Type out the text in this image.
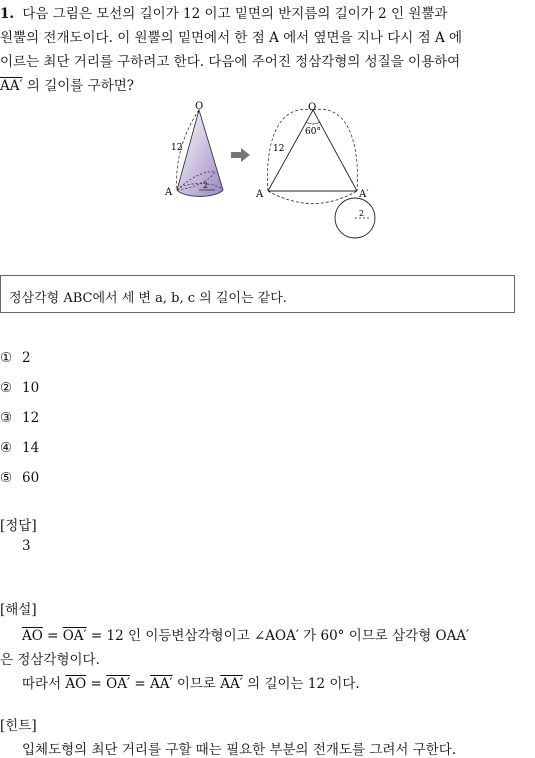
1. 다음 그림은 모선의 길이가 12 이고 밑면의 반지름의 길이가 2 인 원뿔과
원뿔의 전개도이다. 이 원뿔의 밑면에서 한 점 A 에서 옆면을 지나 다시 점 A 에
이르는 최단 거리를 구하려고 한다. 다음에 주어진 정삼각형의 성질을 이용하여
AA′ 의 길이를 구하면?
O
A
12
2
O
60°
12
A	A′
2
정삼각형 ABC에서 세 변 a, b, c 의 길이는 같다.
① 2
② 10
③ 12
④ 14
⑤ 60
[정답]
3
[해설]
$\overline{AO} = OA' = 12$ 인 이등변삼각형이고 ∠AOA′ 가 60° 이므로 삼각형 OAA′
은 정삼각형이다.
따라서 $\overline{AO} = OA' = AA'$ 이므로 AA′ 의 길이는 12 이다.
[힌트]
입체도형의 최단 거리를 구할 때는 필요한 부분의 전개도를 그려서 구한다.
